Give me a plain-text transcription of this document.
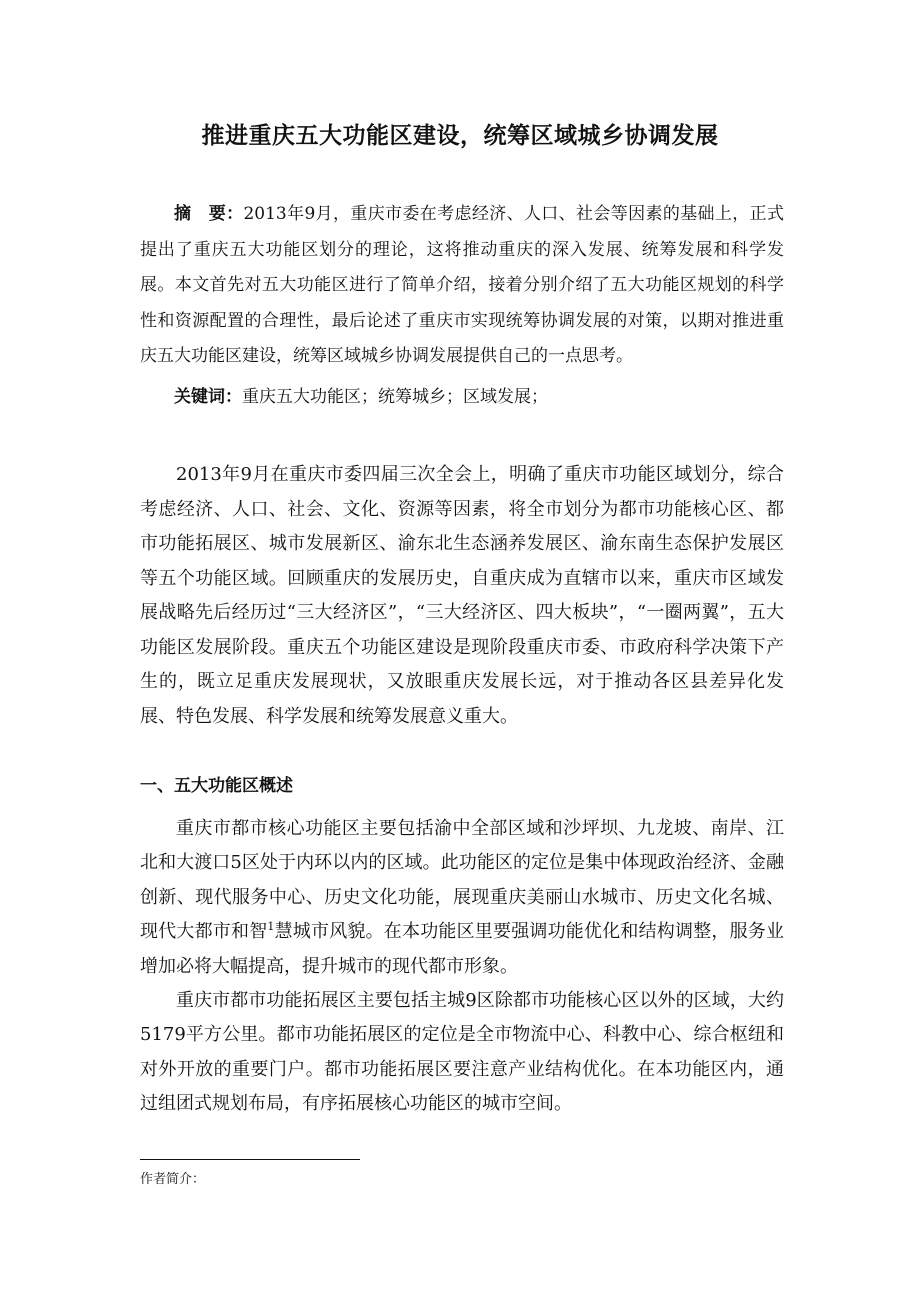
推进重庆五大功能区建设，统筹区域城乡协调发展
摘　要：2013年9月，重庆市委在考虑经济、人口、社会等因素的基础上，正式提出了重庆五大功能区划分的理论，这将推动重庆的深入发展、统筹发展和科学发展。本文首先对五大功能区进行了简单介绍，接着分别介绍了五大功能区规划的科学性和资源配置的合理性，最后论述了重庆市实现统筹协调发展的对策，以期对推进重庆五大功能区建设，统筹区域城乡协调发展提供自己的一点思考。
关键词：重庆五大功能区；统筹城乡；区域发展；

2013年9月在重庆市委四届三次全会上，明确了重庆市功能区域划分，综合考虑经济、人口、社会、文化、资源等因素，将全市划分为都市功能核心区、都市功能拓展区、城市发展新区、渝东北生态涵养发展区、渝东南生态保护发展区等五个功能区域。回顾重庆的发展历史，自重庆成为直辖市以来，重庆市区域发展战略先后经历过“三大经济区”，“三大经济区、四大板块”，“一圈两翼”，五大功能区发展阶段。重庆五个功能区建设是现阶段重庆市委、市政府科学决策下产生的，既立足重庆发展现状，又放眼重庆发展长远，对于推动各区县差异化发展、特色发展、科学发展和统筹发展意义重大。

一、五大功能区概述

重庆市都市核心功能区主要包括渝中全部区域和沙坪坝、九龙坡、南岸、江北和大渡口5区处于内环以内的区域。此功能区的定位是集中体现政治经济、金融创新、现代服务中心、历史文化功能，展现重庆美丽山水城市、历史文化名城、现代大都市和智$^1$慧城市风貌。在本功能区里要强调功能优化和结构调整，服务业增加必将大幅提高，提升城市的现代都市形象。

重庆市都市功能拓展区主要包括主城9区除都市功能核心区以外的区域，大约5179平方公里。都市功能拓展区的定位是全市物流中心、科教中心、综合枢纽和对外开放的重要门户。都市功能拓展区要注意产业结构优化。在本功能区内，通过组团式规划布局，有序拓展核心功能区的城市空间。

作者简介：
